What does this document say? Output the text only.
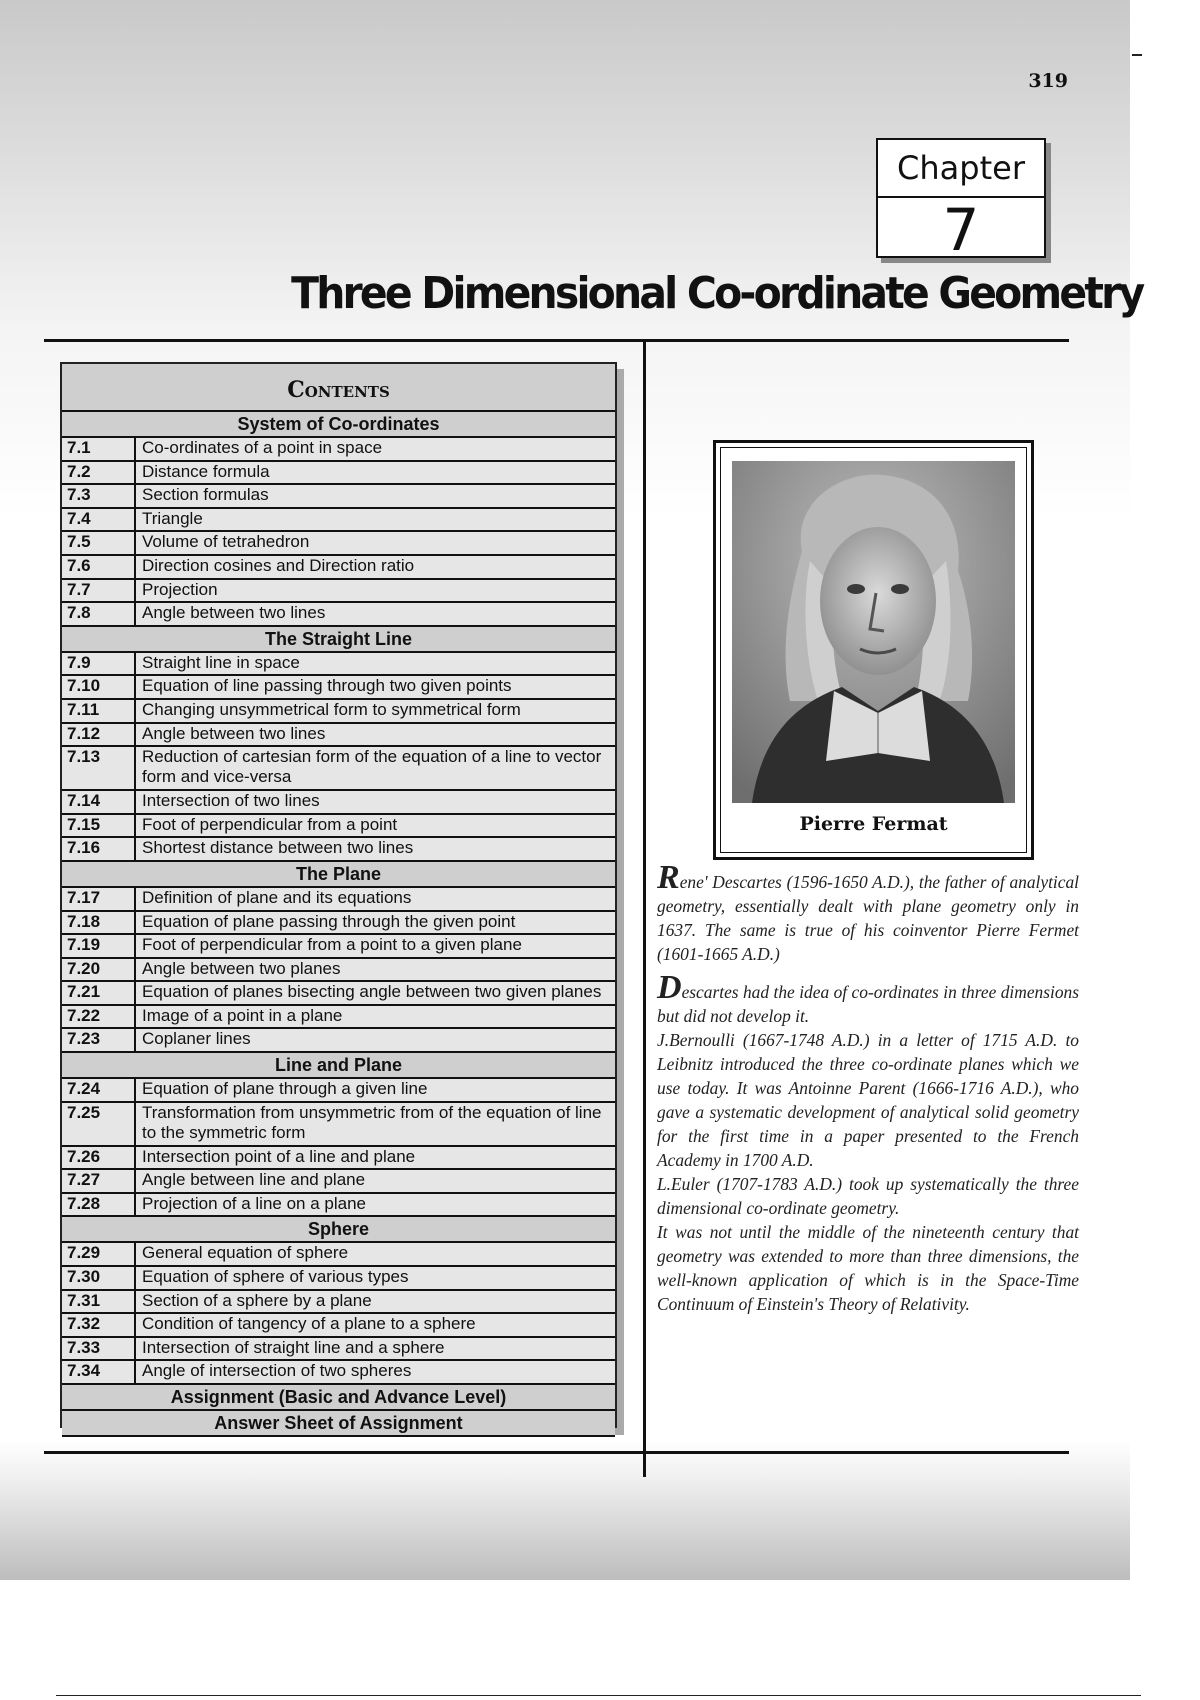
319
Chapter
7
Three Dimensional Co-ordinate Geometry
Contents
System of Co-ordinates
7.1	Co-ordinates of a point in space
7.2	Distance formula
7.3	Section formulas
7.4	Triangle
7.5	Volume of tetrahedron
7.6	Direction cosines and Direction ratio
7.7	Projection
7.8	Angle between two lines
The Straight Line
7.9	Straight line in space
7.10	Equation of line passing through two given points
7.11	Changing unsymmetrical form to symmetrical form
7.12	Angle between two lines
7.13	Reduction of cartesian form of the equation of a line to vector form and vice-versa
7.14	Intersection of two lines
7.15	Foot of perpendicular from a point
7.16	Shortest distance between two lines
The Plane
7.17	Definition of plane and its equations
7.18	Equation of plane passing through the given point
7.19	Foot of perpendicular from a point to a given plane
7.20	Angle between two planes
7.21	Equation of planes bisecting angle between two given planes
7.22	Image of a point in a plane
7.23	Coplaner lines
Line and Plane
7.24	Equation of plane through a given line
7.25	Transformation from unsymmetric from of the equation of line to the symmetric form
7.26	Intersection point of a line and plane
7.27	Angle between line and plane
7.28	Projection of a line on a plane
Sphere
7.29	General equation of sphere
7.30	Equation of sphere of various types
7.31	Section of a sphere by a plane
7.32	Condition of tangency of a plane to a sphere
7.33	Intersection of straight line and a sphere
7.34	Angle of intersection of two spheres
Assignment (Basic and Advance Level)
Answer Sheet of Assignment
Pierre Fermat

Rene' Descartes (1596-1650 A.D.), the father of analytical geometry, essentially dealt with plane geometry only in 1637. The same is true of his coinventor Pierre Fermet (1601-1665 A.D.)

Descartes had the idea of co-ordinates in three dimensions but did not develop it.

J.Bernoulli (1667-1748 A.D.) in a letter of 1715 A.D. to Leibnitz introduced the three co-ordinate planes which we use today. It was Antoinne Parent (1666-1716 A.D.), who gave a systematic development of analytical solid geometry for the first time in a paper presented to the French Academy in 1700 A.D.

L.Euler (1707-1783 A.D.) took up systematically the three dimensional co-ordinate geometry.

It was not until the middle of the nineteenth century that geometry was extended to more than three dimensions, the well-known application of which is in the Space-Time Continuum of Einstein's Theory of Relativity.
